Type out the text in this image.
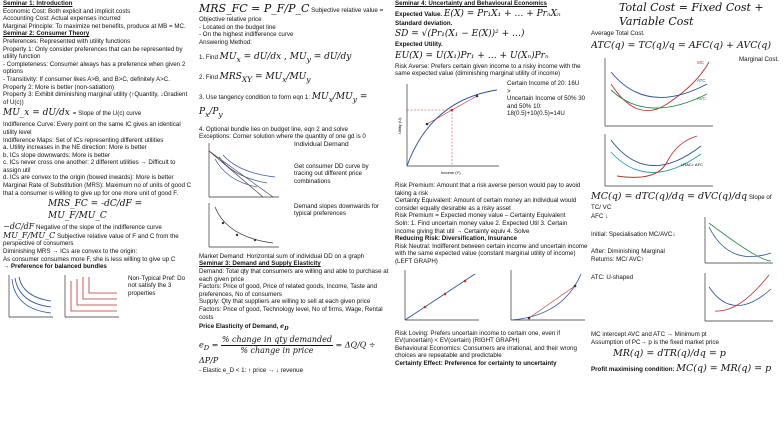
Seminar 1: Introduction

Economic Cost: Both explicit and implicit costs

Accounting Cost: Actual expenses incurred

Marginal Principle: To maximize net benefits, produce at MB = MC.

Seminar 2: Consumer Theory

Preferences: Represented with utility functions

Property 1: Only consider preferences that can be represented by utility function

- Completeness: Consumer always has a preference when given 2 options

- Transitivity: If consumer likes A>B, and B>C, definitely A>C.

Property 2: More is better (non-satiation)

Property 3: Exhibit diminishing marginal utility (↑Quantity, ↓Gradient of U(c))

MU_x = dU/dx = Slope of the U(c) curve

Indifference Curve: Every point on the same IC gives an identical utility level

Indifference Maps: Set of ICs representing different utilities

a. Utility increases in the NE direction: More is better

b. ICs slope downwards: More is better

c. ICs never cross one another: 2 different utilities → Difficult to assign util

d. ICs are convex to the origin (bowed inwards): More is better

Marginal Rate of Substitution (MRS): Maximum no of units of good C that a consumer is willing to give up for one more unit of good F.

MRS_FC = -dC/dF = MU_F/MU_C
−dC/dF Negative of the slope of the indifference curve
MU_F/MU_C Subjective relative value of F and C from the perspective of consumers

Diminishing MRS → ICs are convex to the origin:

As consumer consumes more F, she is less willing to give up C

→ Preference for balanced bundles

Non-Typical Pref: Do not satisfy the 3 properties
MRS_FC = P_F/P_C Subjective relative value = Objective relative price

- Located on the budget line

- On the highest indifference curve

Answering Method:

1. Find $MU_x = dU/dx$ , $MU_y = dU/dy$
2. Find $MRS_{XY} = MU_x/MU_y$
3. Use tangency condition to form eqn 1: $MU_x/MU_y = P_x/P_y$

4. Optional bundle lies on budget line, eqn 2 and solve

Exceptions: Corner solution where the quantity of one gd is 0

Individual Demand
Get consumer DD curve by tracing out different price combinations
Demand slopes downwards for typical preferences

Market Demand: Horizontal sum of individual DD on a graph

Seminar 3: Demand and Supply Elasticity

Demand: Total qty that consumers are willing and able to purchase at each given price

Factors: Price of good, Price of related goods, Income, Taste and preferences, No of consumers

Supply: Qty that suppliers are willing to sell at each given price

Factors: Price of good, Technology level, No of firms, Wage, Rental costs

Price Elasticity of Demand, $e_D$

$e_D = \frac{\text{\% change in qty demanded}}{\text{\% change in price}} = \Delta Q/Q \div \Delta P/P$

- Elastic e_D < 1: ↑ price → ↓ revenue

Seminar 4: Uncertainty and Behavioural Economics

Expected Value. E(X) = Pr₁X₁ + … + PrₙXₙ
Standard deviation.
SD = √(Pr₁(X₁ − E(X))² + …)
Expected Utility.
EU(X) = U(X₁)Pr₁ + … + U(Xₙ)Prₙ

Risk Averse: Prefers certain given income to a risky income with the same expected value (diminishing marginal utility of income)

Utility (U)
Income (Y)
Certain Income of 20: 16U
>
Uncertain Income of 50% 30 and 50% 10: 18(0.5)+10(0.5)=14U

Risk Premium: Amount that a risk averse person would pay to avoid taking a risk

Certainty Equivalent: Amount of certain money an individual would consider equally desirable as a risky asset

Risk Premium = Expected money value – Certainty Equivalent

Soln: 1. Find uncertain money value 2. Expected Util 3. Certain income giving that util → Certainty equiv 4. Solve

Reducing Risk: Diversification, Insurance

Risk Neutral: Indifferent between certain income and uncertain income with the same expected value (constant marginal utility of income) (LEFT GRAPH)

Risk Loving: Prefers uncertain income to certain one, even if EV(uncertain) < EV(certain) (RIGHT GRAPH)

Behavioural Economics: Consumers are irrational, and their wrong choices are repeatable and predictable

Certainty Effect: Preference for certainty to uncertainty

Total Cost = Fixed Cost + Variable Cost

Average Total Cost.

ATC(q) = TC(q)/q = AFC(q) + AVC(q)
MC
ATC
AVC
Marginal Cost.
LRAC= AFC
MC(q) = dTC(q)/dq = dVC(q)/dq Slope of TC/ VC

AFC ↓

Initial: Specialisation MC/AVC↓

After: Diminishing Marginal Returns: MC/ AVC↑

ATC: U-shaped

MC intercept AVC and ATC → Minimum pt

Assumption of PC→ p is the fixed market price

MR(q) = dTR(q)/dq = p
Profit maximising condition: MC(q) = MR(q) = p
